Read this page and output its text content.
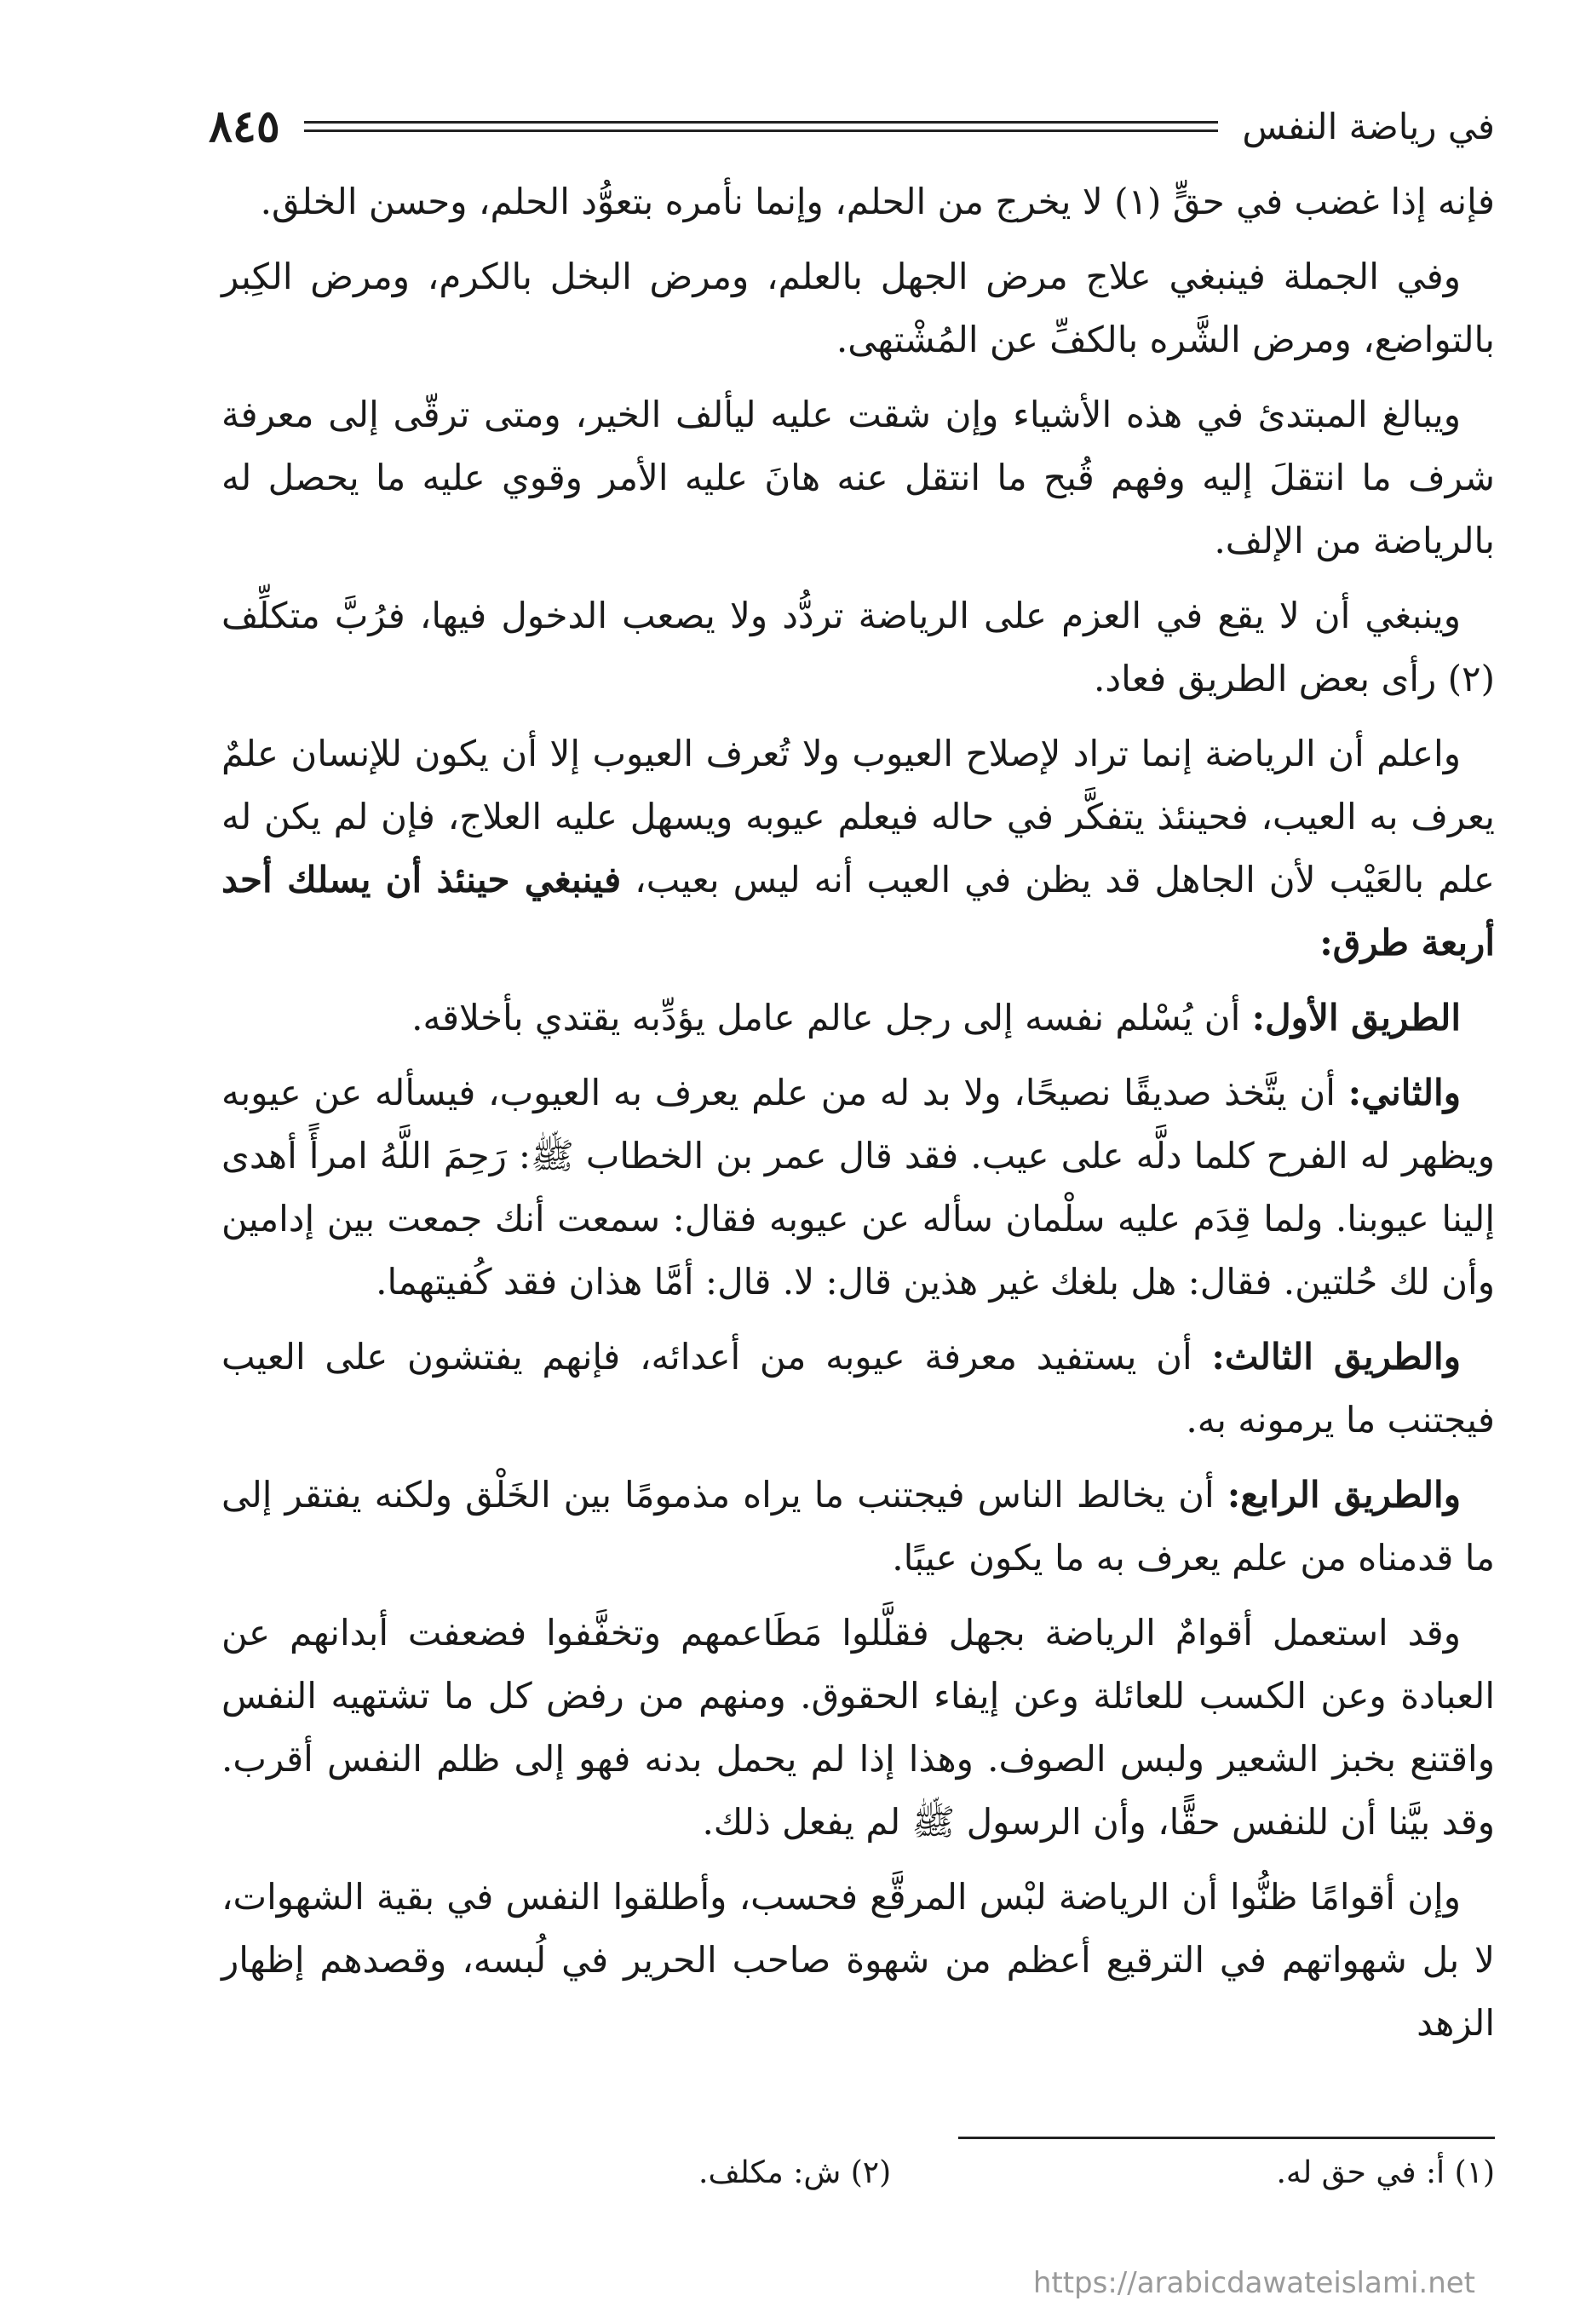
في رياضة النفس
٨٤٥

فإنه إذا غضب في حقٍّ (١) لا يخرج من الحلم، وإنما نأمره بتعوُّد الحلم، وحسن الخلق.

وفي الجملة فينبغي علاج مرض الجهل بالعلم، ومرض البخل بالكرم، ومرض الكِبر بالتواضع، ومرض الشَّره بالكفِّ عن المُشْتهى.

ويبالغ المبتدئ في هذه الأشياء وإن شقت عليه ليألف الخير، ومتى ترقّى إلى معرفة شرف ما انتقلَ إليه وفهم قُبح ما انتقل عنه هانَ عليه الأمر وقوي عليه ما يحصل له بالرياضة من الإلف.

وينبغي أن لا يقع في العزم على الرياضة تردُّد ولا يصعب الدخول فيها، فرُبَّ متكلِّف (٢) رأى بعض الطريق فعاد.

واعلم أن الرياضة إنما تراد لإصلاح العيوب ولا تُعرف العيوب إلا أن يكون للإنسان علمٌ يعرف به العيب، فحينئذ يتفكَّر في حاله فيعلم عيوبه ويسهل عليه العلاج، فإن لم يكن له علم بالعَيْب لأن الجاهل قد يظن في العيب أنه ليس بعيب، فينبغي حينئذ أن يسلك أحد أربعة طرق:

الطريق الأول: أن يُسْلم نفسه إلى رجل عالم عامل يؤدِّبه يقتدي بأخلاقه.

والثاني: أن يتَّخذ صديقًا نصيحًا، ولا بد له من علم يعرف به العيوب، فيسأله عن عيوبه ويظهر له الفرح كلما دلَّه على عيب. فقد قال عمر بن الخطاب ﷺ: رَحِمَ اللَّهُ امرأً أهدى إلينا عيوبنا. ولما قِدَم عليه سلْمان سأله عن عيوبه فقال: سمعت أنك جمعت بين إدامين وأن لك حُلتين. فقال: هل بلغك غير هذين قال: لا. قال: أمَّا هذان فقد كُفيتهما.

والطريق الثالث: أن يستفيد معرفة عيوبه من أعدائه، فإنهم يفتشون على العيب فيجتنب ما يرمونه به.

والطريق الرابع: أن يخالط الناس فيجتنب ما يراه مذمومًا بين الخَلْق ولكنه يفتقر إلى ما قدمناه من علم يعرف به ما يكون عيبًا.

وقد استعمل أقوامٌ الرياضة بجهل فقلَّلوا مَطَاعمهم وتخفَّفوا فضعفت أبدانهم عن العبادة وعن الكسب للعائلة وعن إيفاء الحقوق. ومنهم من رفض كل ما تشتهيه النفس واقتنع بخبز الشعير ولبس الصوف. وهذا إذا لم يحمل بدنه فهو إلى ظلم النفس أقرب. وقد بيَّنا أن للنفس حقًّا، وأن الرسول ﷺ لم يفعل ذلك.

وإن أقوامًا ظنُّوا أن الرياضة لبْس المرقَّع فحسب، وأطلقوا النفس في بقية الشهوات، لا بل شهواتهم في الترقيع أعظم من شهوة صاحب الحرير في لُبسه، وقصدهم إظهار الزهد

(١) أ: في حق له.
(٢) ش: مكلف.
https://arabicdawateislami.net
